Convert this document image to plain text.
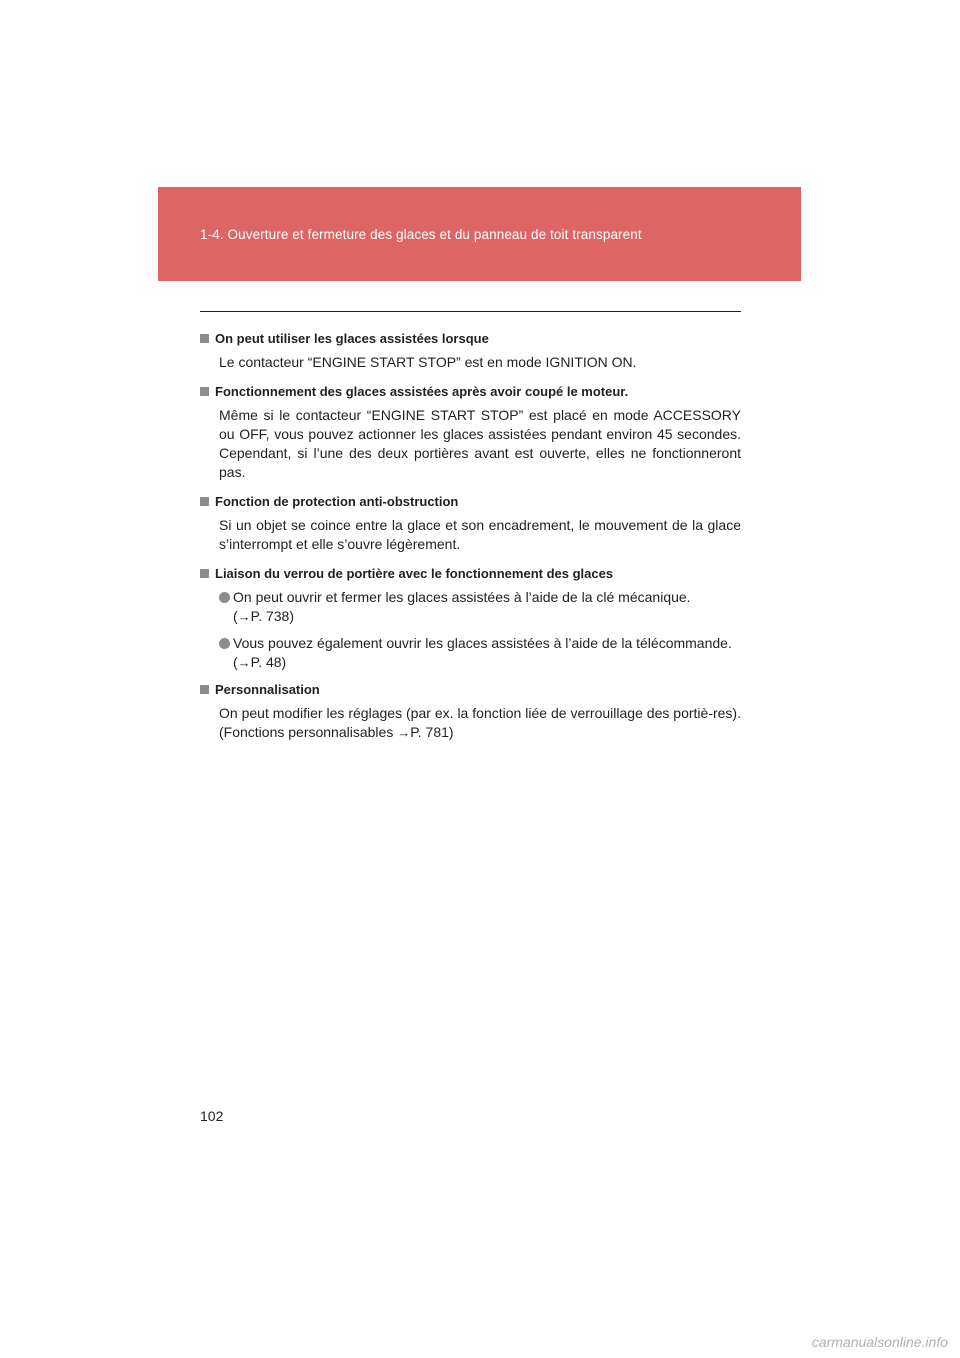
1-4. Ouverture et fermeture des glaces et du panneau de toit transparent
On peut utiliser les glaces assistées lorsque

Le contacteur “ENGINE START STOP” est en mode IGNITION ON.

Fonctionnement des glaces assistées après avoir coupé le moteur.

Même si le contacteur “ENGINE START STOP” est placé en mode ACCESSORY ou OFF, vous pouvez actionner les glaces assistées pendant environ 45 secondes. Cependant, si l’une des deux portières avant est ouverte, elles ne fonctionneront pas.

Fonction de protection anti-obstruction

Si un objet se coince entre la glace et son encadrement, le mouvement de la glace s’interrompt et elle s’ouvre légèrement.

Liaison du verrou de portière avec le fonctionnement des glaces
On peut ouvrir et fermer les glaces assistées à l’aide de la clé mécanique.
(→P. 738)
Vous pouvez également ouvrir les glaces assistées à l’aide de la télécommande.
(→P. 48)
Personnalisation

On peut modifier les réglages (par ex. la fonction liée de verrouillage des portiè-res). (Fonctions personnalisables →P. 781)

102
carmanualsonline.info
